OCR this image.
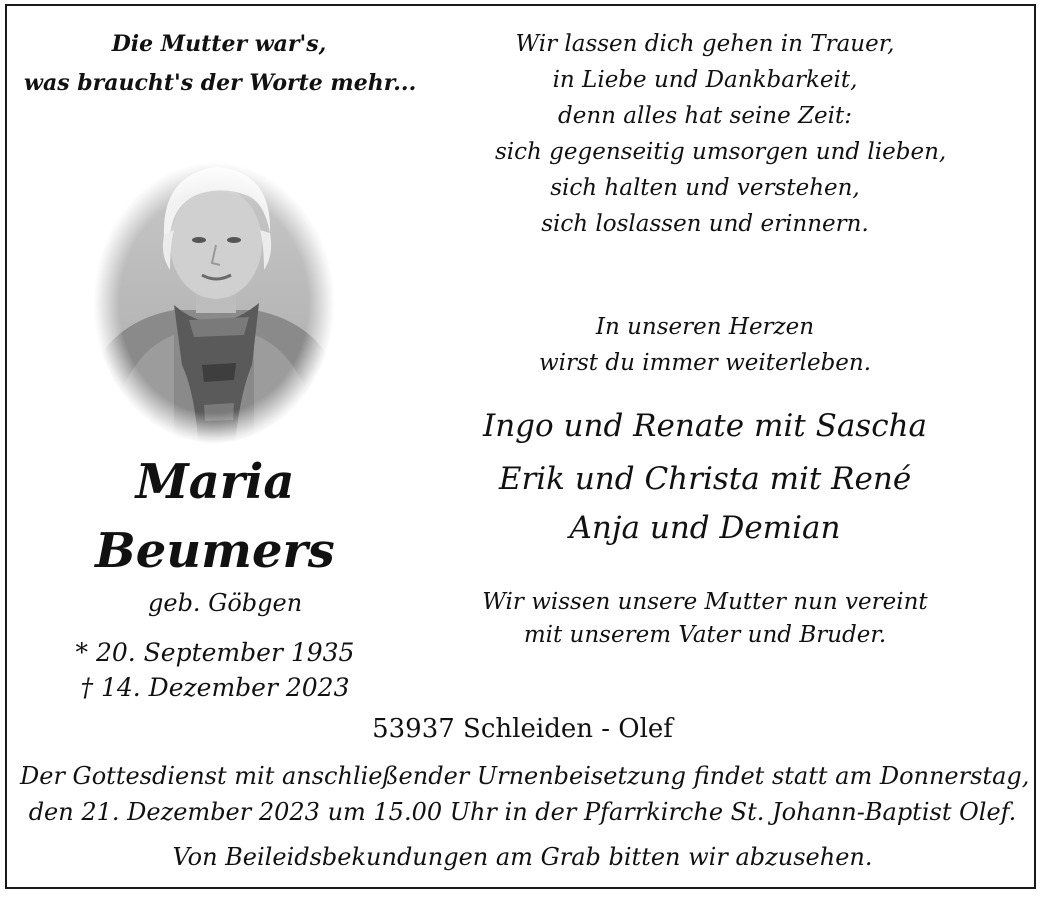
Die Mutter war's,
was braucht's der Worte mehr...
Maria
Beumers
geb. Göbgen
* 20. September 1935
† 14. Dezember 2023
Wir lassen dich gehen in Trauer,
in Liebe und Dankbarkeit,
denn alles hat seine Zeit:
sich gegenseitig umsorgen und lieben,
sich halten und verstehen,
sich loslassen und erinnern.
In unseren Herzen
wirst du immer weiterleben.
Ingo und Renate mit Sascha
Erik und Christa mit René
Anja und Demian
Wir wissen unsere Mutter nun vereint
mit unserem Vater und Bruder.
53937 Schleiden - Olef
Der Gottesdienst mit anschließender Urnenbeisetzung findet statt am Donnerstag,
den 21. Dezember 2023 um 15.00 Uhr in der Pfarrkirche St. Johann-Baptist Olef.
Von Beileidsbekundungen am Grab bitten wir abzusehen.
